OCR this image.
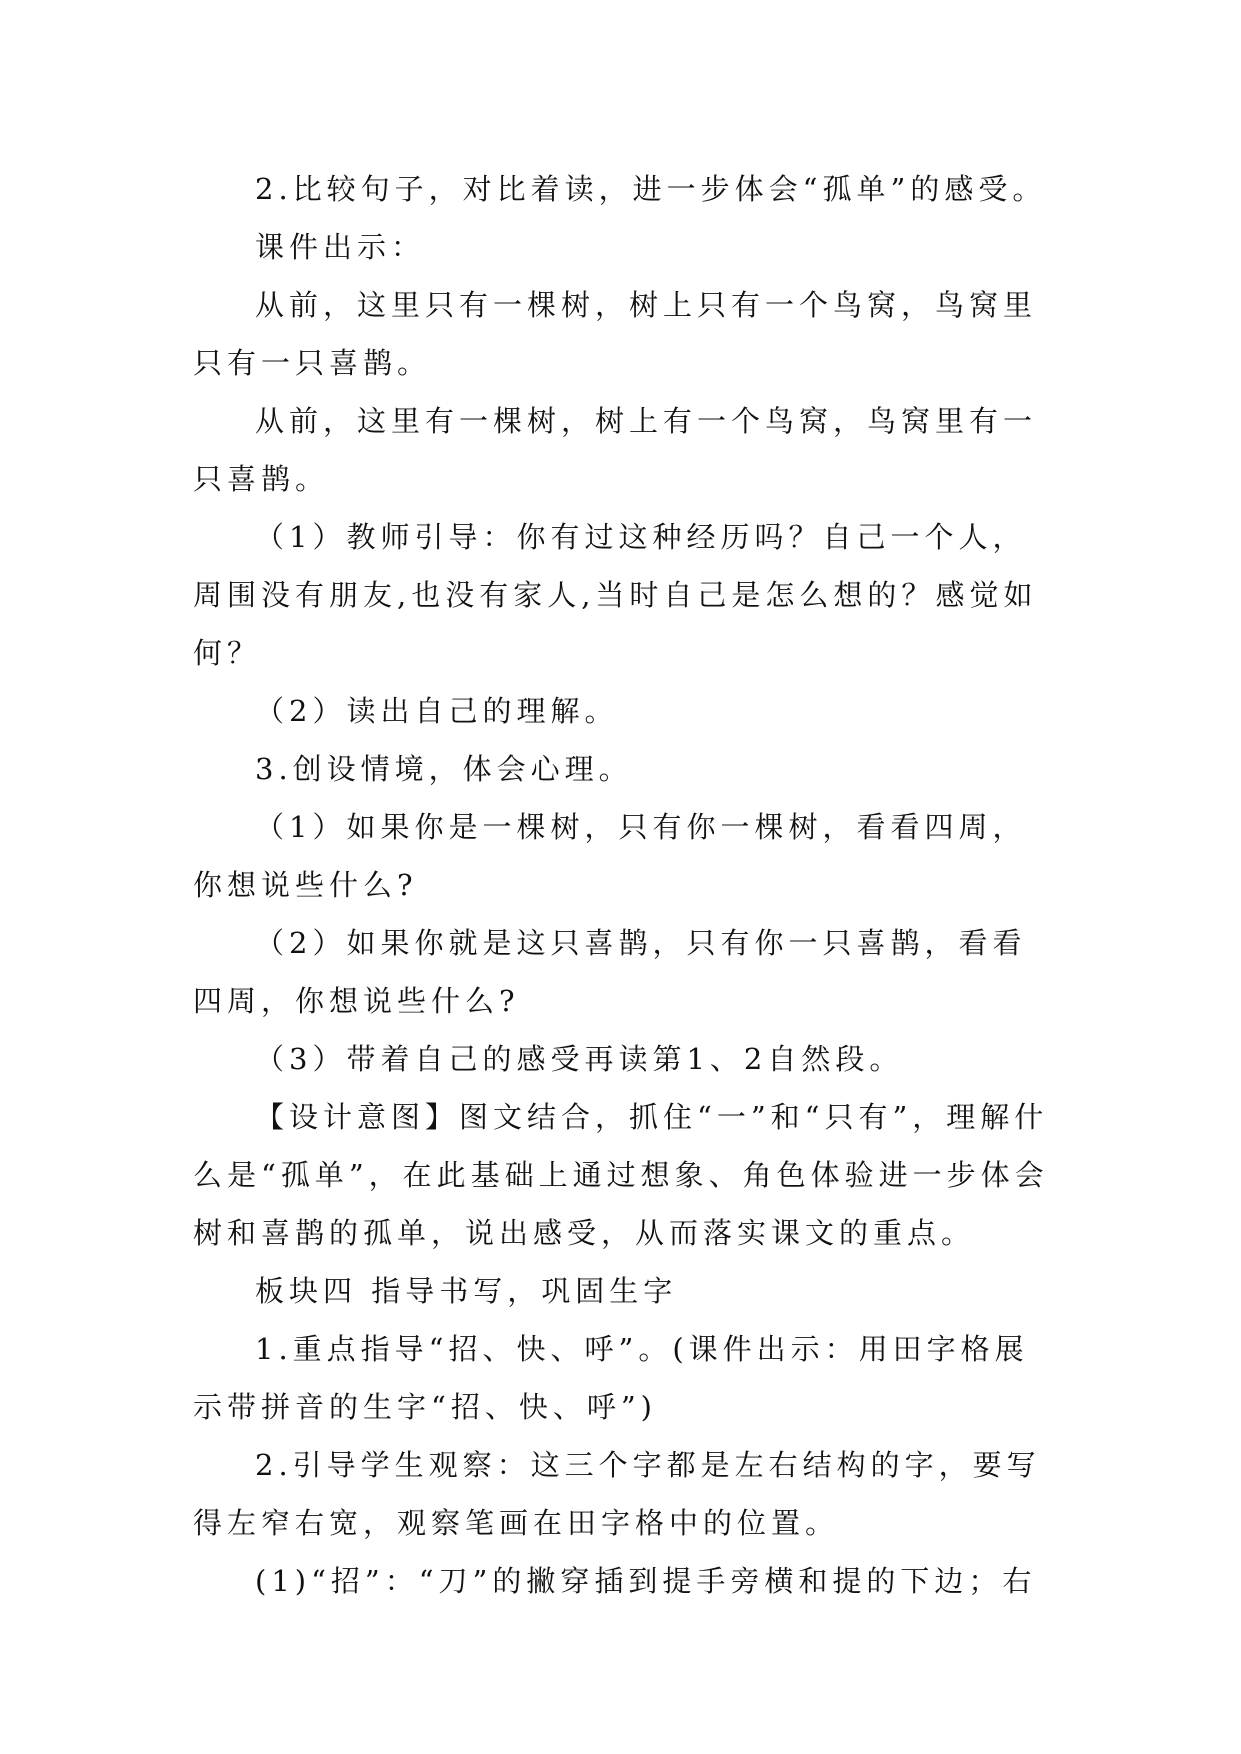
2.比较句子，对比着读，进一步体会“孤单”的感受。

课件出示：

从前，这里只有一棵树，树上只有一个鸟窝，鸟窝里只有一只喜鹊。

从前，这里有一棵树，树上有一个鸟窝，鸟窝里有一只喜鹊。

（1）教师引导：你有过这种经历吗？自己一个人，周围没有朋友,也没有家人,当时自己是怎么想的？感觉如何？

（2）读出自己的理解。

3.创设情境，体会心理。

（1）如果你是一棵树，只有你一棵树，看看四周，你想说些什么?

（2）如果你就是这只喜鹊，只有你一只喜鹊，看看四周，你想说些什么?

（3）带着自己的感受再读第1、2自然段。

【设计意图】图文结合，抓住“一”和“只有”，理解什么是“孤单”，在此基础上通过想象、角色体验进一步体会树和喜鹊的孤单，说出感受，从而落实课文的重点。

板块四 指导书写，巩固生字

1.重点指导“招、快、呼”。(课件出示：用田字格展示带拼音的生字“招、快、呼”)

2.引导学生观察：这三个字都是左右结构的字，要写得左窄右宽，观察笔画在田字格中的位置。

(1)“招”：“刀”的撇穿插到提手旁横和提的下边；右
